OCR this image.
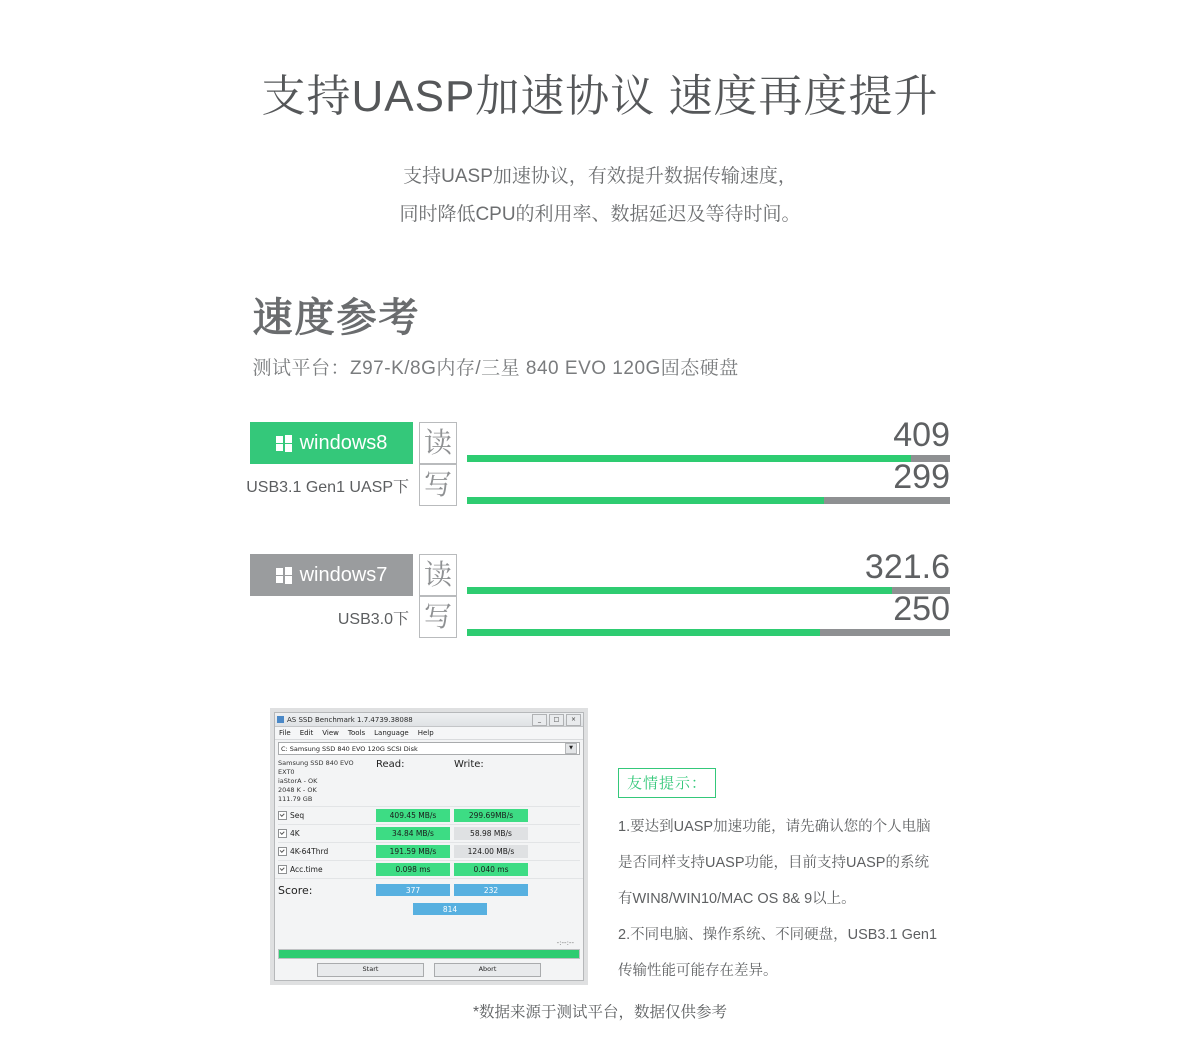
支持UASP加速协议 速度再度提升
支持UASP加速协议，有效提升数据传输速度，
同时降低CPU的利用率、数据延迟及等待时间。
速度参考
测试平台：Z97-K/8G内存/三星 840 EVO 120G固态硬盘
windows8 读	409
USB3.1 Gen1 UASP下 写	299
windows7 读	321.6
USB3.0下 写	250
AS SSD Benchmark 1.7.4739.38088	_	□	×
File Edit View Tools Language Help
C: Samsung SSD 840 EVO 120G SCSI Disk	▼
Samsung SSD 840 EVO
EXT0
iaStorA - OK
2048 K - OK
111.79 GB
Read:	Write:
Seq	409.45 MB/s	299.69MB/s
4K	34.84 MB/s	58.98 MB/s
4K-64Thrd	191.59 MB/s	124.00 MB/s
Acc.time	0.098 ms	0.040 ms
Score:	377	232
814
-:--:--
Start	Abort
友情提示：
1.要达到UASP加速功能，请先确认您的个人电脑
是否同样支持UASP功能，目前支持UASP的系统
有WIN8/WIN10/MAC OS 8& 9以上。
2.不同电脑、操作系统、不同硬盘，USB3.1 Gen1
传输性能可能存在差异。
*数据来源于测试平台，数据仅供参考
